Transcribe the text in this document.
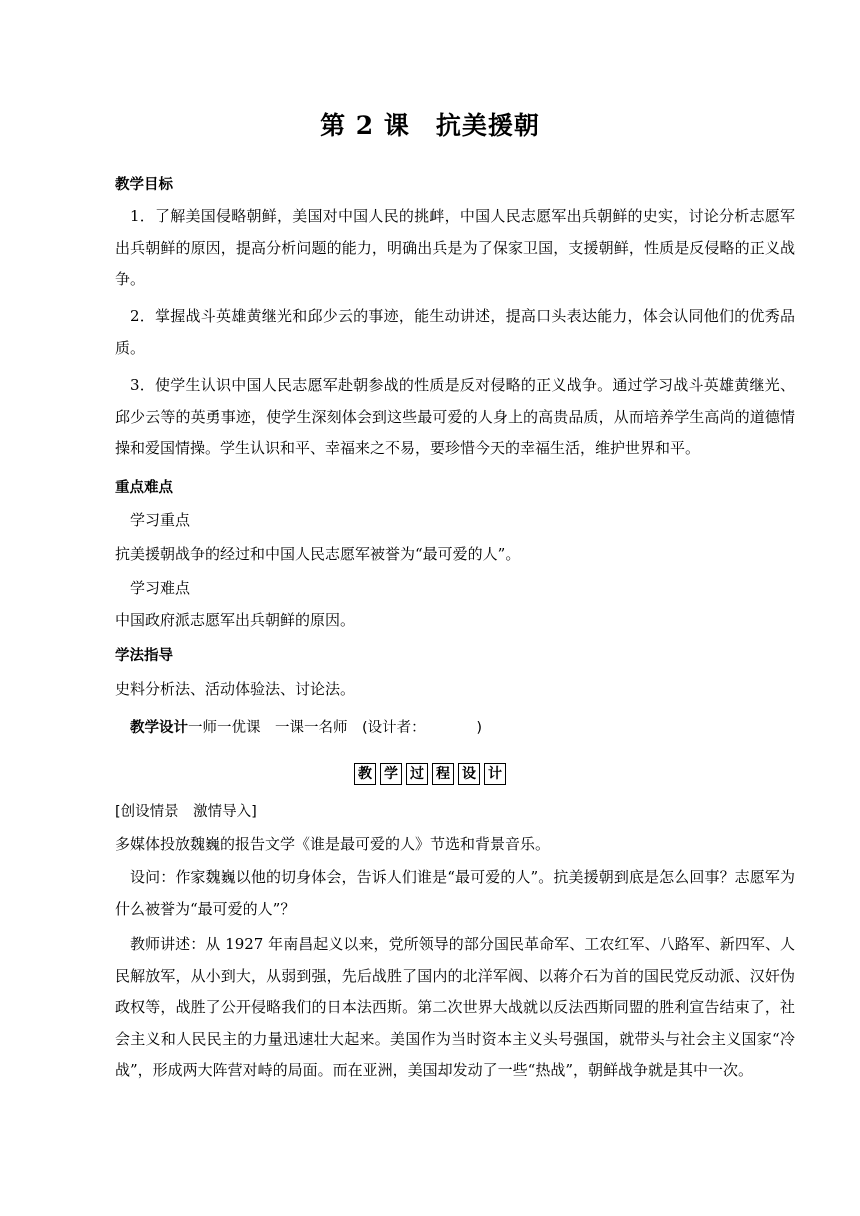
第 2 课　抗美援朝
教学目标
1．了解美国侵略朝鲜，美国对中国人民的挑衅，中国人民志愿军出兵朝鲜的史实，讨论分析志愿军出兵朝鲜的原因，提高分析问题的能力，明确出兵是为了保家卫国，支援朝鲜，性质是反侵略的正义战争。
2．掌握战斗英雄黄继光和邱少云的事迹，能生动讲述，提高口头表达能力，体会认同他们的优秀品质。
3．使学生认识中国人民志愿军赴朝参战的性质是反对侵略的正义战争。通过学习战斗英雄黄继光、邱少云等的英勇事迹，使学生深刻体会到这些最可爱的人身上的高贵品质，从而培养学生高尚的道德情操和爱国情操。学生认识和平、幸福来之不易，要珍惜今天的幸福生活，维护世界和平。
重点难点
学习重点
抗美援朝战争的经过和中国人民志愿军被誉为“最可爱的人”。
学习难点
中国政府派志愿军出兵朝鲜的原因。
学法指导
史料分析法、活动体验法、讨论法。
教学设计一师一优课　一课一名师　 (设计者：　　　　)
教 学 过 程 设 计
[创设情景　激情导入]
多媒体投放魏巍的报告文学《谁是最可爱的人》节选和背景音乐。
设问：作家魏巍以他的切身体会，告诉人们谁是“最可爱的人”。抗美援朝到底是怎么回事？志愿军为什么被誉为“最可爱的人”？
教师讲述：从 1927 年南昌起义以来，党所领导的部分国民革命军、工农红军、八路军、新四军、人民解放军，从小到大，从弱到强，先后战胜了国内的北洋军阀、以蒋介石为首的国民党反动派、汉奸伪政权等，战胜了公开侵略我们的日本法西斯。第二次世界大战就以反法西斯同盟的胜利宣告结束了，社会主义和人民民主的力量迅速壮大起来。美国作为当时资本主义头号强国，就带头与社会主义国家“冷战”，形成两大阵营对峙的局面。而在亚洲，美国却发动了一些“热战”，朝鲜战争就是其中一次。
